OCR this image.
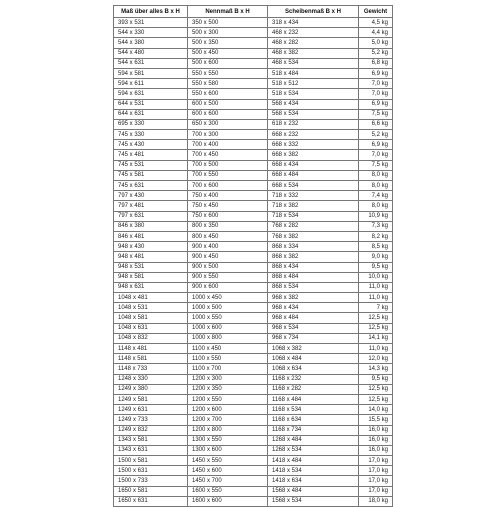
Maß über alles B x H	Nennmaß B x H	Scheibenmaß B x H	Gewicht
393 x 531	350 x 500	318 x 434	4,5 kg
544 x 330	500 x 300	468 x 232	4,4 kg
544 x 380	500 x 350	468 x 282	5,0 kg
544 x 480	500 x 450	468 x 382	5,2 kg
544 x 631	500 x 600	468 x 534	6,8 kg
594 x 581	550 x 550	518 x 484	6,9 kg
594 x 611	550 x 580	518 x 512	7,0 kg
594 x 631	550 x 600	518 x 534	7,0 kg
644 x 531	600 x 500	568 x 434	6,9 kg
644 x 631	600 x 600	568 x 534	7,5 kg
695 x 330	650 x 300	618 x 232	6,6 kg
745 x 330	700 x 300	668 x 232	5,2 kg
745 x 430	700 x 400	668 x 332	6,9 kg
745 x 481	700 x 450	668 x 382	7,0 kg
745 x 531	700 x 500	668 x 434	7,5 kg
745 x 581	700 x 550	668 x 484	8,0 kg
745 x 631	700 x 600	668 x 534	8,0 kg
797 x 430	750 x 400	718 x 332	7,4 kg
797 x 481	750 x 450	718 x 382	8,0 kg
797 x 631	750 x 600	718 x 534	10,9 kg
846 x 380	800 x 350	768 x 282	7,3 kg
846 x 481	800 x 450	768 x 382	8,2 kg
948 x 430	900 x 400	868 x 334	8,5 kg
948 x 481	900 x 450	868 x 382	9,0 kg
948 x 531	900 x 500	868 x 434	9,5 kg
948 x 581	900 x 550	868 x 484	10,0 kg
948 x 631	900 x 600	868 x 534	11,0 kg
1048 x 481	1000 x 450	968 x 382	11,0 kg
1048 x 531	1000 x 500	968 x 434	7 kg
1048 x 581	1000 x 550	968 x 484	12,5 kg
1048 x 631	1000 x 600	968 x 534	12,5 kg
1048 x 832	1000 x 800	968 x 734	14,1 kg
1148 x 481	1100 x 450	1068 x 382	11,0 kg
1148 x 581	1100 x 550	1068 x 484	12,0 kg
1148 x 733	1100 x 700	1068 x 634	14,3 kg
1248 x 330	1200 x 300	1168 x 232	9,5 kg
1249 x 380	1200 x 350	1168 x 282	12,5 kg
1249 x 581	1200 x 550	1168 x 484	12,5 kg
1249 x 631	1200 x 600	1168 x 534	14,0 kg
1249 x 733	1200 x 700	1168 x 634	15,5 kg
1249 x 832	1200 x 800	1168 x 734	16,0 kg
1343 x 581	1300 x 550	1268 x 484	16,0 kg
1343 x 631	1300 x 600	1268 x 534	16,0 kg
1500 x 581	1450 x 550	1418 x 484	17,0 kg
1500 x 631	1450 x 600	1418 x 534	17,0 kg
1500 x 733	1450 x 700	1418 x 634	17,0 kg
1650 x 581	1600 x 550	1568 x 484	17,0 kg
1650 x 631	1600 x 600	1568 x 534	18,0 kg
